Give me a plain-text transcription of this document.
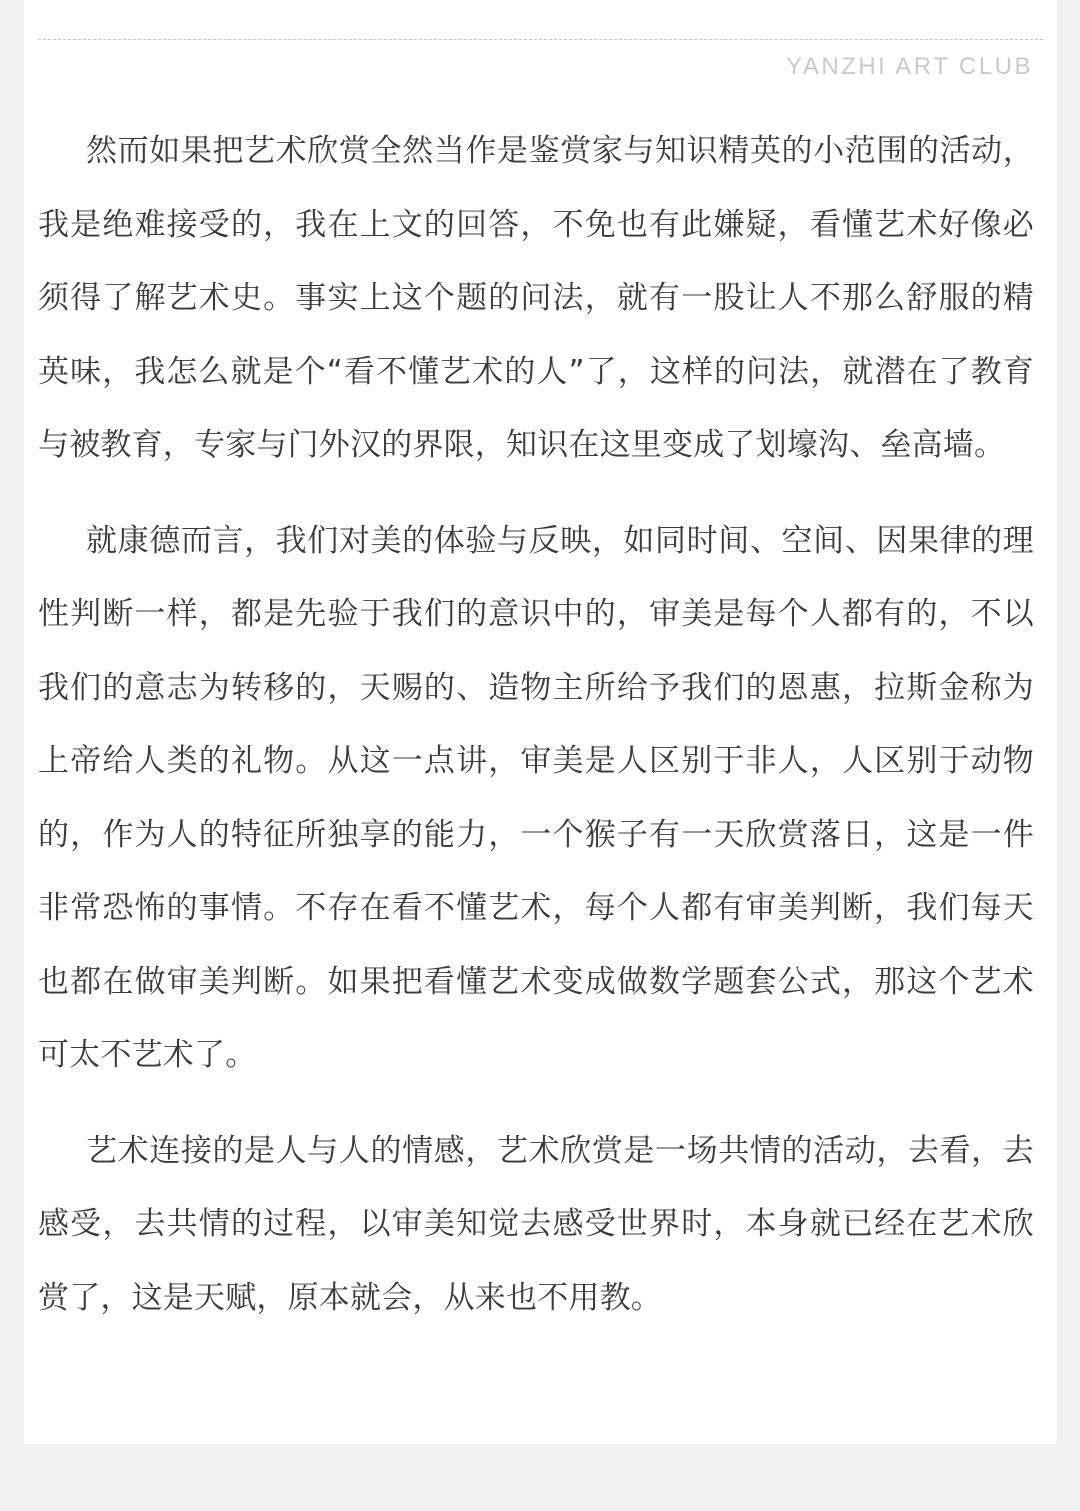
YANZHI ART CLUB

然而如果把艺术欣赏全然当作是鉴赏家与知识精英的小范围的活动，我是绝难接受的，我在上文的回答，不免也有此嫌疑，看懂艺术好像必须得了解艺术史。事实上这个题的问法，就有一股让人不那么舒服的精英味，我怎么就是个“看不懂艺术的人”了，这样的问法，就潜在了教育与被教育，专家与门外汉的界限，知识在这里变成了划壕沟、垒高墙。

就康德而言，我们对美的体验与反映，如同时间、空间、因果律的理性判断一样，都是先验于我们的意识中的，审美是每个人都有的，不以我们的意志为转移的，天赐的、造物主所给予我们的恩惠，拉斯金称为上帝给人类的礼物。从这一点讲，审美是人区别于非人，人区别于动物的，作为人的特征所独享的能力，一个猴子有一天欣赏落日，这是一件非常恐怖的事情。不存在看不懂艺术，每个人都有审美判断，我们每天也都在做审美判断。如果把看懂艺术变成做数学题套公式，那这个艺术可太不艺术了。

艺术连接的是人与人的情感，艺术欣赏是一场共情的活动，去看，去感受，去共情的过程，以审美知觉去感受世界时，本身就已经在艺术欣赏了，这是天赋，原本就会，从来也不用教。
